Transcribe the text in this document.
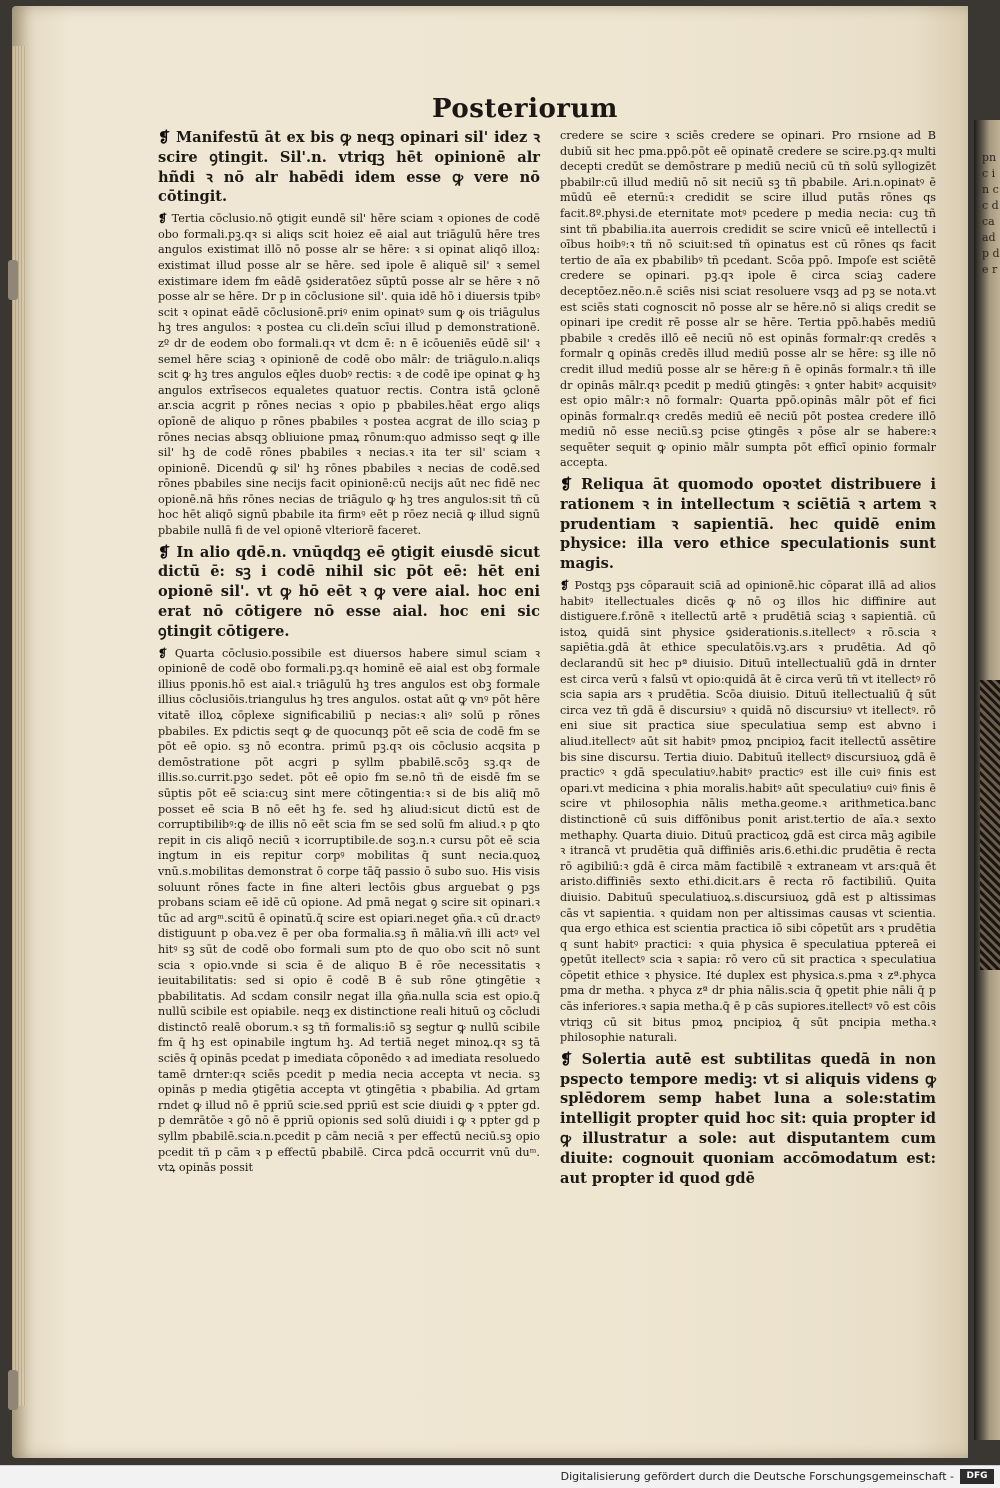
Posteriorum

❡ Manifestū āt ex bis ꝙ neqꝫ opinari sil' idez ꝛ scire ꝯtingit. Sil'.n. vtriqꝫ hēt opinionē alr hñdi ꝛ nō alr habēdi idem esse ꝙ vere nō cōtingit.

❡ Tertia cōclusio.nō ꝯtigit eundē sil' hēre sciam ꝛ opiones de codē obo formali.pꝫ.qꝛ si aliqs scit hoiez eē aial aut triāgulū hēre tres angulos existimat illō nō posse alr se hēre: ꝛ si opinat aliqō illoꝝ: existimat illud posse alr se hēre. sed ipole ē aliquē sil' ꝛ semel existimare idem fm eādē ꝯsideratōez sūptū posse alr se hēre ꝛ nō posse alr se hēre. Dr p in cōclusione sil'. quia idē hō i diuersis tpibꝰ scit ꝛ opinat eādē cōclusionē.priꝰ enim opinatꝰ sum ꝙ ois triāgulus hꝫ tres angulos: ꝛ postea cu cli.deīn scīui illud p demonstrationē. zº dr de eodem obo formali.qꝛ vt dcm ē: n ē icōueniēs eūdē sil' ꝛ semel hēre sciaꝫ ꝛ opinionē de codē obo mālr: de triāgulo.n.aliqs scit ꝙ hꝫ tres angulos eq̄les duobꝰ rectis: ꝛ de codē ipe opinat ꝙ hꝫ angulos extrīsecos equaletes quatuor rectis. Contra istā ꝯclonē ar.scia acgrit p rōnes necias ꝛ opio p pbabiles.hēat ergo aliqs opīonē de aliquo p rōnes pbabiles ꝛ postea acgrat de illo sciaꝫ p rōnes necias absqꝫ obliuione pmaꝝ rōnum:quo admisso seqt ꝙ ille sil' hꝫ de codē rōnes pbabiles ꝛ necias.ꝛ ita ter sil' sciam ꝛ opinionē. Dicendū ꝙ sil' hꝫ rōnes pbabiles ꝛ necias de codē.sed rōnes pbabiles sine necijs facit opinionē:cū necijs aūt nec fidē nec opionē.nā hñs rōnes necias de triāgulo ꝙ hꝫ tres angulos:sit tñ cū hoc hēt aliqō signū pbabile ita firmꝰ eēt p rōez neciā ꝙ illud signū pbabile nullā fi de vel opionē vlteriorē faceret.

❡ In alio qdē.n. vnūqdqꝫ eē ꝯtigit eiusdē sicut dictū ē: sꝫ i codē nihil sic pōt eē: hēt eni opionē sil'. vt ꝙ hō eēt ꝛ ꝙ vere aial. hoc eni erat nō cōtigere nō esse aial. hoc eni sic ꝯtingit cōtigere.

❡ Quarta cōclusio.possibile est diuersos habere simul sciam ꝛ opinionē de codē obo formali.pꝫ.qꝛ hominē eē aial est obꝫ formale illius pponis.hō est aial.ꝛ triāgulū hꝫ tres angulos est obꝫ formale illius cōclusiōis.triangulus hꝫ tres angulos. ostat aūt ꝙ vnꝰ pōt hēre vitatē illoꝝ cōplexe significabiliū p necias:ꝛ aliꝰ solū p rōnes pbabiles. Ex pdictis seqt ꝙ de quocunqꝫ pōt eē scia de codē fm se pōt eē opio. sꝫ nō econtra. primū pꝫ.qꝛ ois cōclusio acqsita p demōstratione pōt acgri p syllm pbabilē.scōꝫ sꝫ.qꝛ de illis.so.currit.pꝫo sedet. pōt eē opio fm se.nō tñ de eisdē fm se sūptis pōt eē scia:cuꝫ sint mere cōtingentia:ꝛ si de bis aliq̄ mō posset eē scia B nō eēt hꝫ fe. sed hꝫ aliud:sicut dictū est de corruptibilibꝰ:ꝙ de illis nō eēt scia fm se sed solū fm aliud.ꝛ p ꝗto repit in cis aliqō neciū ꝛ icorruptibile.de soꝫ.n.ꝛ cursu pōt eē scia ingtum in eis repitur corpꝰ mobilitas q̄ sunt necia.quoꝝ vnū.s.mobilitas demonstrat ō corpe tāq̄ passio ō subo suo. His visis soluunt rōnes facte in fine alteri lectōis gbus arguebat ꝯ pꝫs probans sciam eē idē cū opione. Ad pmā negat ꝯ scire sit opinari.ꝛ tūc ad argᵐ.scitū ē opinatū.q̄ scire est opiari.neget ꝯña.ꝛ cū dr.actꝰ distiguunt p oba.vez ē per oba formalia.sꝫ n̄ mālia.vñ illi actꝰ vel hitꝰ sꝫ sūt de codē obo formali sum pto de quo obo scit nō sunt scia ꝛ opio.vnde si scia ē de aliquo B ē rōe necessitatis ꝛ ieuitabilitatis: sed si opio ē codē B ē sub rōne ꝯtingētie ꝛ pbabilitatis. Ad scdam consilr negat illa ꝯña.nulla scia est opio.q̄ nullū scibile est opiabile. neqꝫ ex distinctione reali hituū oꝫ cōcludi distinctō realē oborum.ꝛ sꝫ tñ formalis:iō sꝫ segtur ꝙ nullū scibile fm q̄ hꝫ est opinabile ingtum hꝫ. Ad tertiā neget minoꝝ.qꝛ sꝫ tā sciēs q̄ opinās pcedat p imediata cōponēdo ꝛ ad imediata resoluedo tamē drnter:qꝛ sciēs pcedit p media necia accepta vt necia. sꝫ opinās p media ꝯtigētia accepta vt ꝯtingētia ꝛ pbabilia. Ad grtam rndet ꝙ illud nō ē ppriū scie.sed ppriū est scie diuidi ꝙ ꝛ ppter gd. p demrātōe ꝛ gō nō ē ppriū opionis sed solū diuidi i ꝙ ꝛ ppter gd p syllm pbabilē.scia.n.pcedit p cām neciā ꝛ per effectū neciū.sꝫ opio pcedit tñ p cām ꝛ p effectū pbabilē. Circa pdcā occurrit vnū duᵐ. vtꝝ opinās possit

credere se scire ꝛ sciēs credere se opinari. Pro rnsione ad B dubiū sit hec pma.ppō.pōt eē opinatē credere se scire.pꝫ.qꝛ multi decepti credūt se demōstrare p mediū neciū cū tñ solū syllogizēt pbabilr:cū illud mediū nō sit neciū sꝫ tñ pbabile. Ari.n.opinatꝰ ē mūdū eē eternū:ꝛ credidit se scire illud putās rōnes qs facit.8º.physi.de eternitate motꝰ pcedere p media necia: cuꝫ tñ sint tñ pbabilia.ita auerrois credidit se scire vnicū eē intellectū i oībus hoibꝰ:ꝛ tñ nō sciuit:sed tñ opinatus est cū rōnes qs facit tertio de aīa ex pbabilibꝰ tñ pcedant. Scōa ppō. Impoſe est sciētē credere se opinari. pꝫ.qꝛ ipole ē circa sciaꝫ cadere deceptōez.nēo.n.ē sciēs nisi sciat resoluere vsqꝫ ad pꝫ se nota.vt est sciēs stati cognoscit nō posse alr se hēre.nō si aliqs credit se opinari ipe credit rē posse alr se hēre. Tertia ppō.habēs mediū pbabile ꝛ credēs illō eē neciū nō est opinās formalr:qꝛ credēs ꝛ formalr ꝗ opinās credēs illud mediū posse alr se hēre: sꝫ ille nō credit illud mediū posse alr se hēre:g n̄ ē opinās formalr.ꝛ tñ ille dr opinās mālr.qꝛ pcedit p mediū ꝯtingēs: ꝛ ꝯnter habitꝰ acquisitꝰ est opio mālr:ꝛ nō formalr: Quarta ppō.opinās mālr pōt ef fici opinās formalr.qꝛ credēs mediū eē neciū pōt postea credere illō mediū nō esse neciū.sꝫ pcise ꝯtingēs ꝛ pōse alr se habere:ꝛ sequēter sequit ꝙ opinio mālr sumpta pōt efficī opinio formalr accepta.

❡ Reliqua āt quomodo opoꝛtet distribuere i rationem ꝛ in intellectum ꝛ sciētiā ꝛ artem ꝛ prudentiam ꝛ sapientiā. hec quidē enim physice: illa vero ethice speculationis sunt magis.

❡ Postqꝫ pꝫs cōparauit sciā ad opinionē.hic cōparat illā ad alios habitꝰ itellectuales dicēs ꝙ nō oꝫ illos hic diffinire aut distiguere.f.rōnē ꝛ itellectū artē ꝛ prudētiā sciaꝫ ꝛ sapientiā. cū istoꝝ quidā sint physice ꝯsiderationis.s.itellectꝰ ꝛ rō.scia ꝛ sapiētia.gdā āt ethice speculatōis.vꝫ.ars ꝛ prudētia. Ad qō declarandū sit hec pª diuisio. Dituū intellectualiū gdā in drnter est circa verū ꝛ falsū vt opio:quidā āt ē circa verū tñ vt itellectꝰ rō scia sapia ars ꝛ prudētia. Scōa diuisio. Dituū itellectualiū q̄ sūt circa vez tñ gdā ē discursiuꝰ ꝛ quidā nō discursiuꝰ vt itellectꝰ. rō eni siue sit practica siue speculatiua semp est abvno i aliud.itellectꝰ aūt sit habitꝰ pmoꝝ pncipioꝝ facit itellectū assētire bis sine discursu. Tertia diuio. Dabituū itellectꝰ discursiuoꝝ gdā ē practicꝰ ꝛ gdā speculatiuꝰ.habitꝰ practicꝰ est ille cuiꝰ finis est opari.vt medicina ꝛ phia moralis.habitꝰ aūt speculatiuꝰ cuiꝰ finis ē scire vt philosophia nālis metha.geome.ꝛ arithmetica.banc distinctionē cū suis diffōnibus ponit arist.tertio de aīa.ꝛ sexto methaphy. Quarta diuio. Dituū practicoꝝ gdā est circa māꝫ agibile ꝛ itrancā vt prudētia quā diffiniēs aris.6.ethi.dic prudētia ē recta rō agibiliū:ꝛ gdā ē circa mām factibilē ꝛ extraneam vt ars:quā ēt aristo.diffiniēs sexto ethi.dicit.ars ē recta rō factibiliū. Quita diuisio. Dabituū speculatiuoꝝ.s.discursiuoꝝ gdā est p altissimas cās vt sapientia. ꝛ quidam non per altissimas causas vt scientia. qua ergo ethica est scientia practica iō sibi cōpetūt ars ꝛ prudētia q sunt habitꝰ practici: ꝛ quia physica ē speculatiua pptereā ei ꝯpetūt itellectꝰ scia ꝛ sapia: rō vero cū sit practica ꝛ speculatiua cōpetit ethice ꝛ physice. Ité duplex est physica.s.pma ꝛ zª.phyca pma dr metha. ꝛ phyca zª dr phia nālis.scia q̄ ꝯpetit phie nāli q̄ p cās inferiores.ꝛ sapia metha.q̄ ē p cās supiores.itellectꝰ vō est cōis vtriqꝫ cū sit bitus pmoꝝ pncipioꝝ q̄ sūt pncipia metha.ꝛ philosophie naturali.

❡ Solertia autē est subtilitas quedā in non pspecto tempore mediꝫ: vt si aliquis videns ꝙ splēdorem semp habet luna a sole:statim intelligit propter quid hoc sit: quia propter id ꝙ illustratur a sole: aut disputantem cum diuite: cognouit quoniam accōmodatum est: aut propter id quod gdē

pnc in cc d ca ad p de r
Digitalisierung gefördert durch die Deutsche Forschungsgemeinschaft -	DFG
